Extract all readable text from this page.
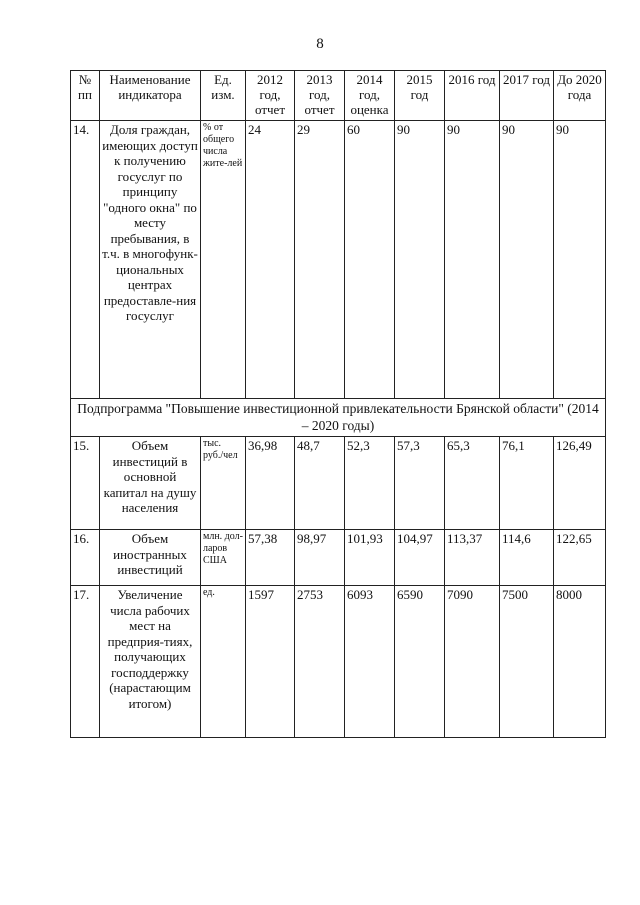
8
№ пп	Наименование индикатора	Ед. изм.	2012 год, отчет	2013 год, отчет	2014 год, оценка	2015 год	2016 год	2017 год	До 2020 года
14.	Доля граждан, имеющих доступ к получению госуслуг по принципу "одного окна" по месту пребывания, в т.ч. в многофунк-циональных центрах предоставле-ния госуслуг	% от общего числа жите-лей	24	29	60	90	90	90	90
Подпрограмма "Повышение инвестиционной привлекательности Брянской области" (2014 – 2020 годы)									
15.	Объем инвестиций в основной капитал на душу населения	тыс. руб./чел	36,98	48,7	52,3	57,3	65,3	76,1	126,49
16.	Объем иностранных инвестиций	млн. дол-ларов США	57,38	98,97	101,93	104,97	113,37	114,6	122,65
17.	Увеличение числа рабочих мест на предприя-тиях, получающих господдержку (нарастающим итогом)	ед.	1597	2753	6093	6590	7090	7500	8000
